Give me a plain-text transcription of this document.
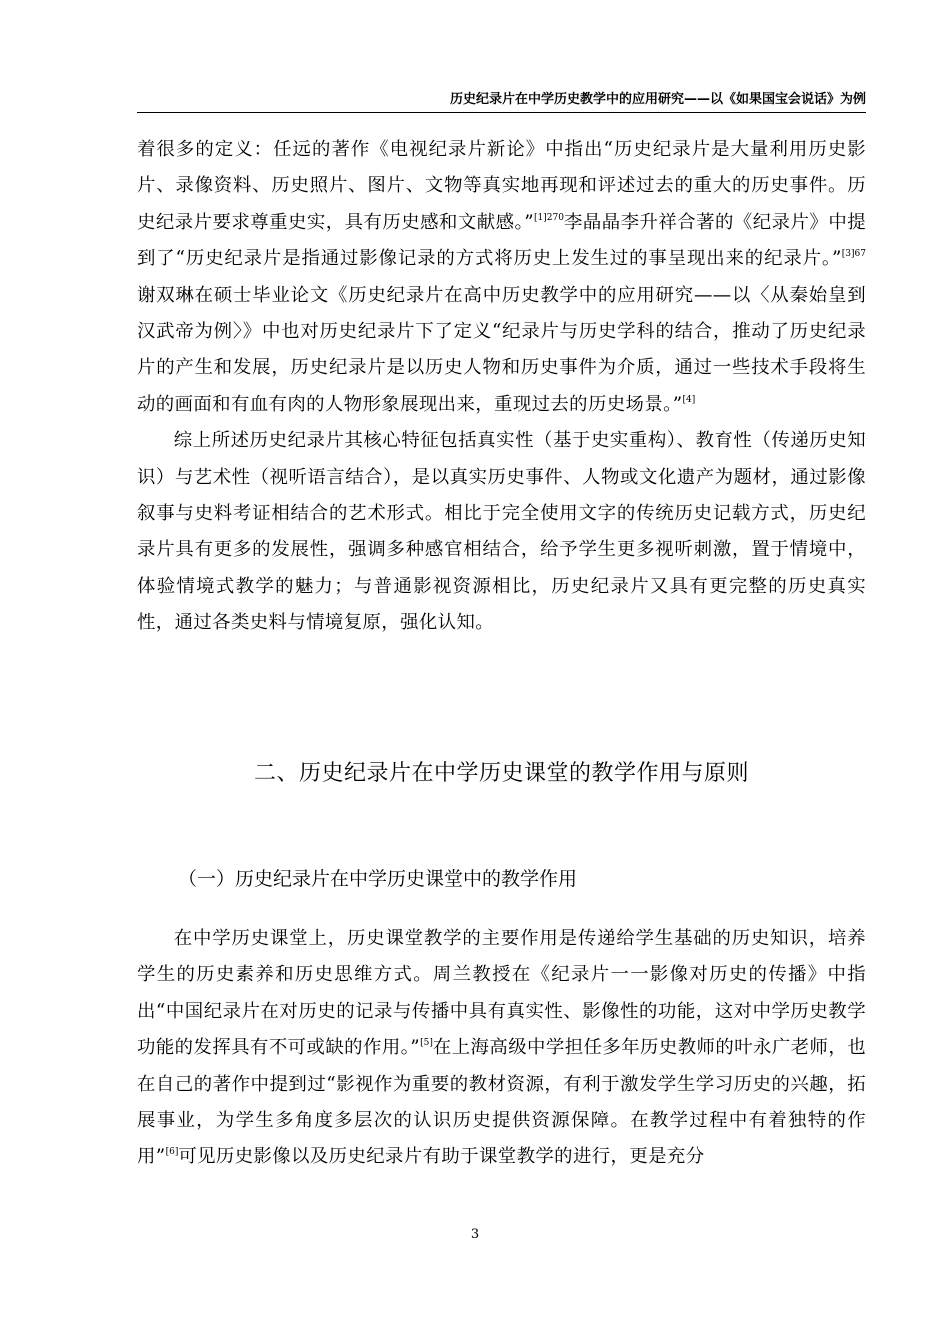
历史纪录片在中学历史教学中的应用研究——以《如果国宝会说话》为例

着很多的定义：任远的著作《电视纪录片新论》中指出“历史纪录片是大量利用历史影片、录像资料、历史照片、图片、文物等真实地再现和评述过去的重大的历史事件。历史纪录片要求尊重史实，具有历史感和文献感。”$^{[1]270}$李晶晶李升祥合著的《纪录片》中提到了“历史纪录片是指通过影像记录的方式将历史上发生过的事呈现出来的纪录片。”$^{[3]67}$谢双琳在硕士毕业论文《历史纪录片在高中历史教学中的应用研究——以〈从秦始皇到汉武帝为例〉》中也对历史纪录片下了定义“纪录片与历史学科的结合，推动了历史纪录片的产生和发展，历史纪录片是以历史人物和历史事件为介质，通过一些技术手段将生动的画面和有血有肉的人物形象展现出来，重现过去的历史场景。”[4]

综上所述历史纪录片其核心特征包括真实性（基于史实重构）、教育性（传递历史知识）与艺术性（视听语言结合），是以真实历史事件、人物或文化遗产为题材，通过影像叙事与史料考证相结合的艺术形式。相比于完全使用文字的传统历史记载方式，历史纪录片具有更多的发展性，强调多种感官相结合，给予学生更多视听刺激，置于情境中，体验情境式教学的魅力；与普通影视资源相比，历史纪录片又具有更完整的历史真实性，通过各类史料与情境复原，强化认知。

二、历史纪录片在中学历史课堂的教学作用与原则
（一）历史纪录片在中学历史课堂中的教学作用

在中学历史课堂上，历史课堂教学的主要作用是传递给学生基础的历史知识，培养学生的历史素养和历史思维方式。周兰教授在《纪录片一一影像对历史的传播》中指出“中国纪录片在对历史的记录与传播中具有真实性、影像性的功能，这对中学历史教学功能的发挥具有不可或缺的作用。”[5]在上海高级中学担任多年历史教师的叶永广老师，也在自己的著作中提到过“影视作为重要的教材资源，有利于激发学生学习历史的兴趣，拓展事业，为学生多角度多层次的认识历史提供资源保障。在教学过程中有着独特的作用”[6]可见历史影像以及历史纪录片有助于课堂教学的进行，更是充分

3
